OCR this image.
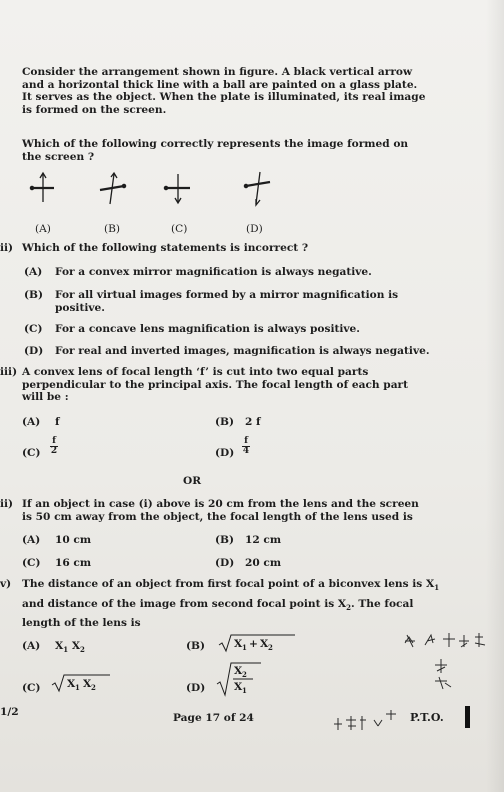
Consider the arrangement shown in figure. A black vertical arrow and a horizontal thick line with a ball are painted on a glass plate. It serves as the object. When the plate is illuminated, its real image is formed on the screen.
Which of the following correctly represents the image formed on the screen ?
(A)	(B)	(C)	(D)
ii) Which of the following statements is incorrect ?
(A) For a convex mirror magnification is always negative.
(B) For all virtual images formed by a mirror magnification is positive.
(C) For a concave lens magnification is always positive.
(D) For real and inverted images, magnification is always negative.
iii) A convex lens of focal length ‘f’ is cut into two equal parts perpendicular to the principal axis. The focal length of each part will be :
(A) f	(B) 2 f
$(C) \frac{f}{2}$	$(D) \frac{f}{4}$
OR
ii) If an object in case (i) above is 20 cm from the lens and the screen is 50 cm away from the object, the focal length of the lens used is
(A) 10 cm	(B) 12 cm
(C) 16 cm	(D) 20 cm
v) The distance of an object from first focal point of a biconvex lens is $X_1$
and distance of the image from second focal point is $X_2$. The focal
length of the lens is
(A) $X_1$ $X_2$	(B)	X 1 + X 2
(C)	X 1 X 2	(D)
X 2
X 1
1/2	Page 17 of 24	P.T.O.
